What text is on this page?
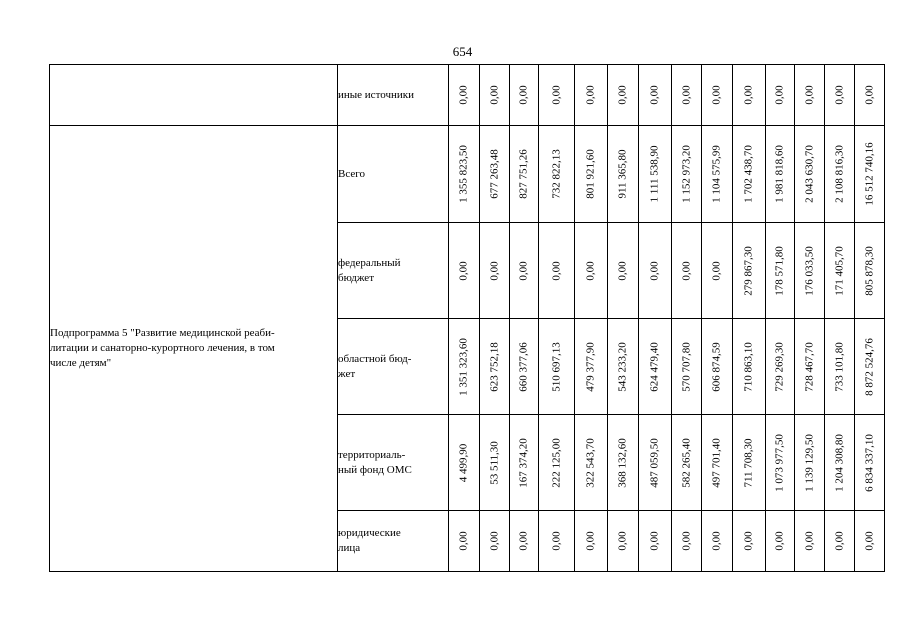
654

	иные источники	0,00	0,00	0,00	0,00	0,00	0,00	0,00	0,00	0,00	0,00	0,00	0,00	0,00	0,00

Подпрограмма 5 "Развитие медицинской реаби-
литации и санаторно-курортного лечения, в том
числе детям"	Всего	1 355 823,50	677 263,48	827 751,26	732 822,13	801 921,60	911 365,80	1 111 538,90	1 152 973,20	1 104 575,99	1 702 438,70	1 981 818,60	2 043 630,70	2 108 816,30	16 512 740,16

	федеральный
бюджет	0,00	0,00	0,00	0,00	0,00	0,00	0,00	0,00	0,00	279 867,30	178 571,80	176 033,50	171 405,70	805 878,30

	областной бюд-
жет	1 351 323,60	623 752,18	660 377,06	510 697,13	479 377,90	543 233,20	624 479,40	570 707,80	606 874,59	710 863,10	729 269,30	728 467,70	733 101,80	8 872 524,76

	территориаль-
ный фонд ОМС	4 499,90	53 511,30	167 374,20	222 125,00	322 543,70	368 132,60	487 059,50	582 265,40	497 701,40	711 708,30	1 073 977,50	1 139 129,50	1 204 308,80	6 834 337,10

	юридические
лица	0,00	0,00	0,00	0,00	0,00	0,00	0,00	0,00	0,00	0,00	0,00	0,00	0,00	0,00
